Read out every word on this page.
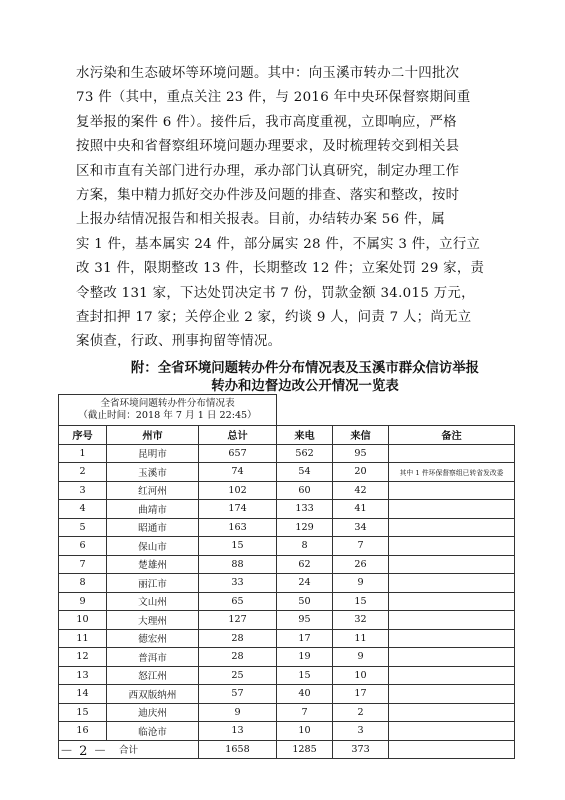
水污染和生态破坏等环境问题。其中：向玉溪市转办二十四批次
73 件（其中，重点关注 23 件，与 2016 年中央环保督察期间重
复举报的案件 6 件）。接件后，我市高度重视，立即响应，严格
按照中央和省督察组环境问题办理要求，及时梳理转交到相关县
区和市直有关部门进行办理，承办部门认真研究，制定办理工作
方案，集中精力抓好交办件涉及问题的排查、落实和整改，按时
上报办结情况报告和相关报表。目前，办结转办案 56 件，属
实 1 件，基本属实 24 件，部分属实 28 件，不属实 3 件，立行立
改 31 件，限期整改 13 件，长期整改 12 件；立案处罚 29 家，责
令整改 131 家，下达处罚决定书 7 份，罚款金额 34.015 万元，
查封扣押 17 家；关停企业 2 家，约谈 9 人，问责 7 人；尚无立
案侦查，行政、刑事拘留等情况。
附：全省环境问题转办件分布情况表及玉溪市群众信访举报
转办和边督边改公开情况一览表
全省环境问题转办件分布情况表
（截止时间：2018 年 7 月 1 日 22:45）					

序号	州市	总计	来电	来信	备注
1	昆明市	657	562	95	
2	玉溪市	74	54	20	其中 1 件环保督察组已转省发改委
3	红河州	102	60	42	
4	曲靖市	174	133	41	
5	昭通市	163	129	34	
6	保山市	15	8	7	
7	楚雄州	88	62	26	
8	丽江市	33	24	9	
9	文山州	65	50	15	
10	大理州	127	95	32	
11	德宏州	28	17	11	
12	普洱市	28	19	9	
13	怒江州	25	15	10	
14	西双版纳州	57	40	17	
15	迪庆州	9	7	2	
16	临沧市	13	10	3	
合计		1658	1285	373	
－ 2 －
